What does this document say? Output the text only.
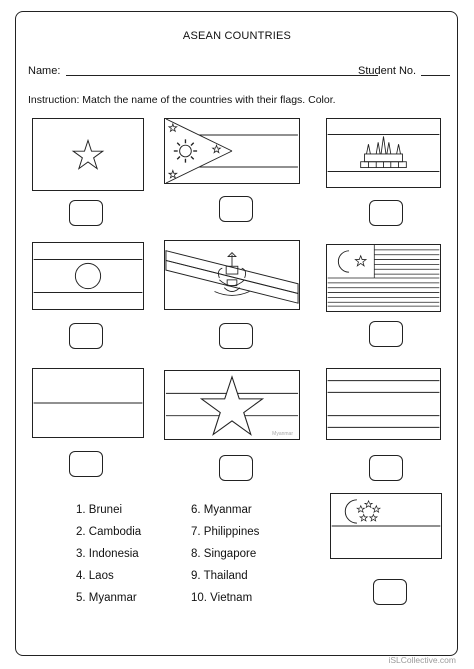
ASEAN COUNTRIES
Name:	Student No.
Instruction: Match the name of the countries with their flags. Color.
Myanmar
1. Brunei
2. Cambodia
3. Indonesia
4. Laos
5. Myanmar
6. Myanmar
7. Philippines
8. Singapore
9. Thailand
10. Vietnam
iSLCollective.com
